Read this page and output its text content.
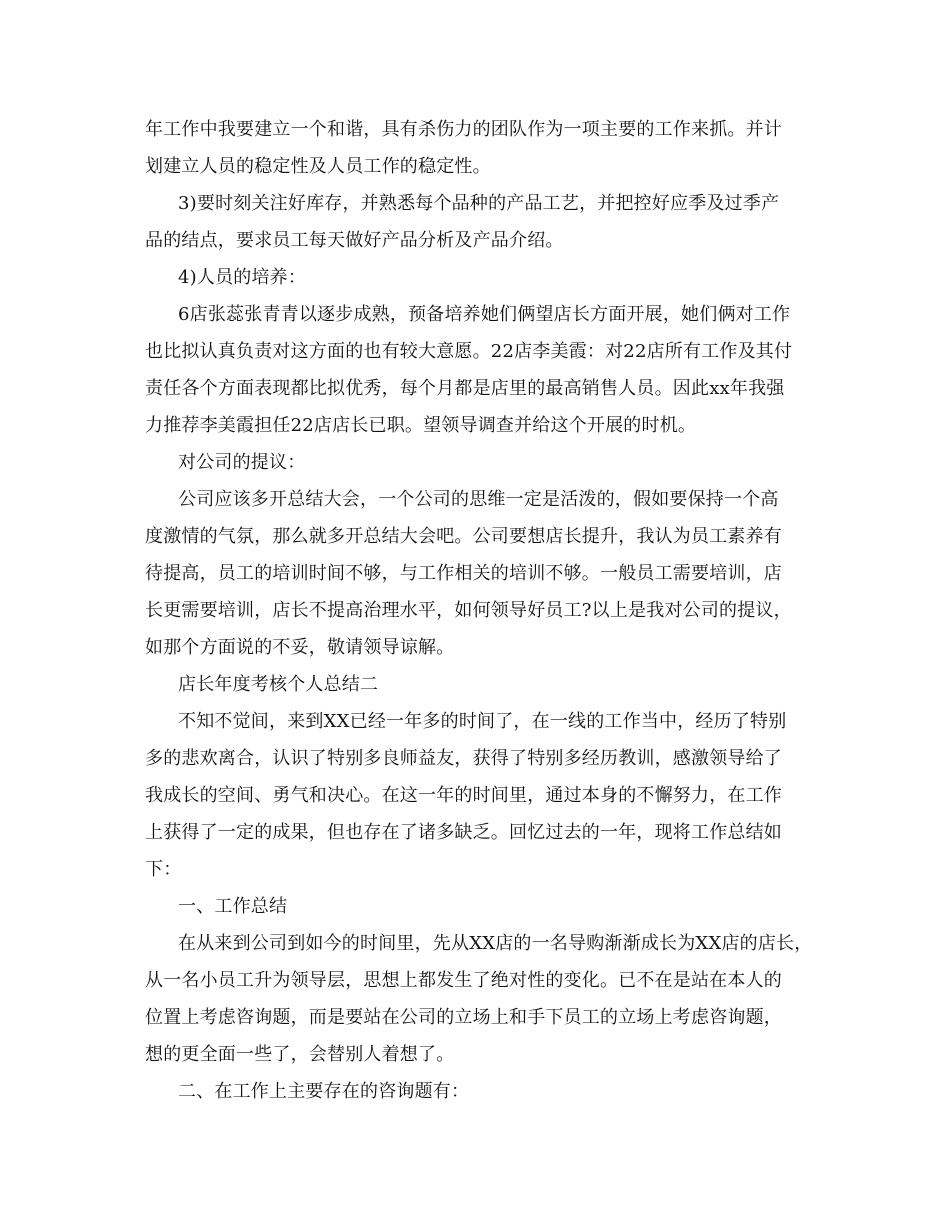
年工作中我要建立一个和谐，具有杀伤力的团队作为一项主要的工作来抓。并计
划建立人员的稳定性及人员工作的稳定性。
3)要时刻关注好库存，并熟悉每个品种的产品工艺，并把控好应季及过季产
品的结点，要求员工每天做好产品分析及产品介绍。
4)人员的培养：
6店张蕊张青青以逐步成熟，预备培养她们俩望店长方面开展，她们俩对工作
也比拟认真负责对这方面的也有较大意愿。22店李美霞：对22店所有工作及其付
责任各个方面表现都比拟优秀，每个月都是店里的最高销售人员。因此xx年我强
力推荐李美霞担任22店店长已职。望领导调查并给这个开展的时机。
对公司的提议：
公司应该多开总结大会，一个公司的思维一定是活泼的，假如要保持一个高
度激情的气氛，那么就多开总结大会吧。公司要想店长提升，我认为员工素养有
待提高，员工的培训时间不够，与工作相关的培训不够。一般员工需要培训，店
长更需要培训，店长不提高治理水平，如何领导好员工?以上是我对公司的提议，
如那个方面说的不妥，敬请领导谅解。
店长年度考核个人总结二
不知不觉间，来到XX已经一年多的时间了，在一线的工作当中，经历了特别
多的悲欢离合，认识了特别多良师益友，获得了特别多经历教训，感激领导给了
我成长的空间、勇气和决心。在这一年的时间里，通过本身的不懈努力，在工作
上获得了一定的成果，但也存在了诸多缺乏。回忆过去的一年，现将工作总结如
下：
一、工作总结
在从来到公司到如今的时间里，先从XX店的一名导购渐渐成长为XX店的店长，
从一名小员工升为领导层，思想上都发生了绝对性的变化。已不在是站在本人的
位置上考虑咨询题，而是要站在公司的立场上和手下员工的立场上考虑咨询题，
想的更全面一些了，会替别人着想了。
二、在工作上主要存在的咨询题有：
